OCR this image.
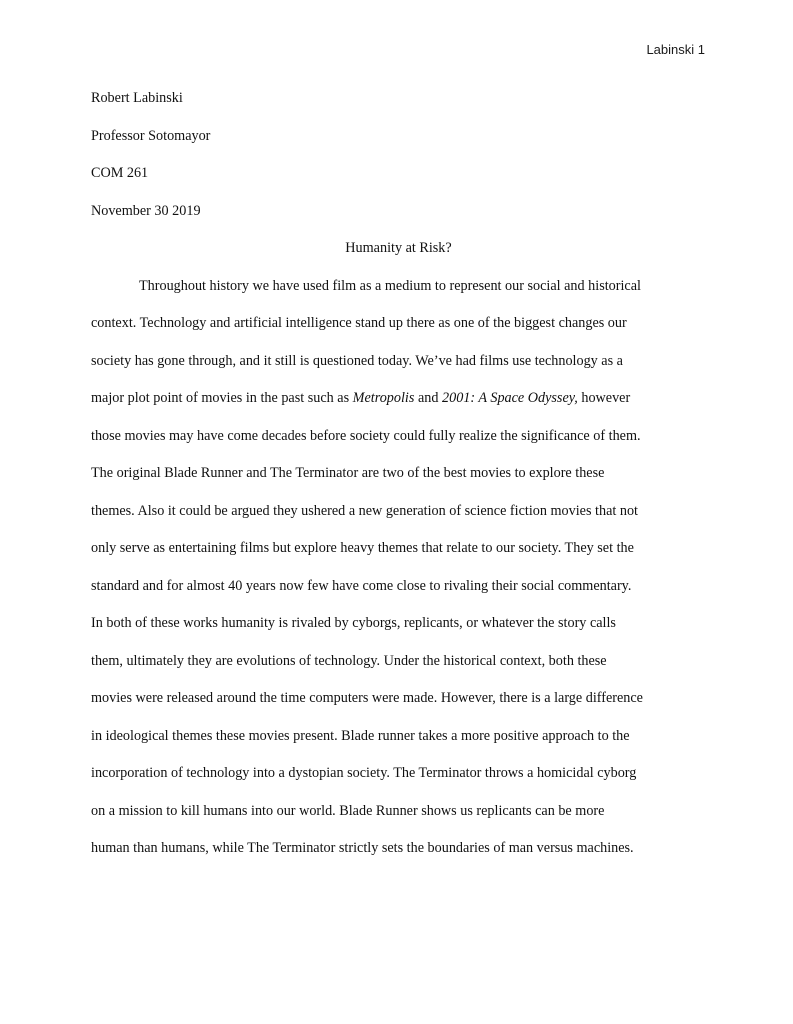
Labinski 1
Robert Labinski
Professor Sotomayor
COM 261
November 30 2019
Humanity at Risk?
Throughout history we have used film as a medium to represent our social and historical
context. Technology and artificial intelligence stand up there as one of the biggest changes our
society has gone through, and it still is questioned today. We’ve had films use technology as a
major plot point of movies in the past such as Metropolis and 2001: A Space Odyssey, however
those movies may have come decades before society could fully realize the significance of them.
The original Blade Runner and The Terminator are two of the best movies to explore these
themes. Also it could be argued they ushered a new generation of science fiction movies that not
only serve as entertaining films but explore heavy themes that relate to our society. They set the
standard and for almost 40 years now few have come close to rivaling their social commentary.
In both of these works humanity is rivaled by cyborgs, replicants, or whatever the story calls
them, ultimately they are evolutions of technology. Under the historical context, both these
movies were released around the time computers were made. However, there is a large difference
in ideological themes these movies present. Blade runner takes a more positive approach to the
incorporation of technology into a dystopian society. The Terminator throws a homicidal cyborg
on a mission to kill humans into our world. Blade Runner shows us replicants can be more
human than humans, while The Terminator strictly sets the boundaries of man versus machines.
